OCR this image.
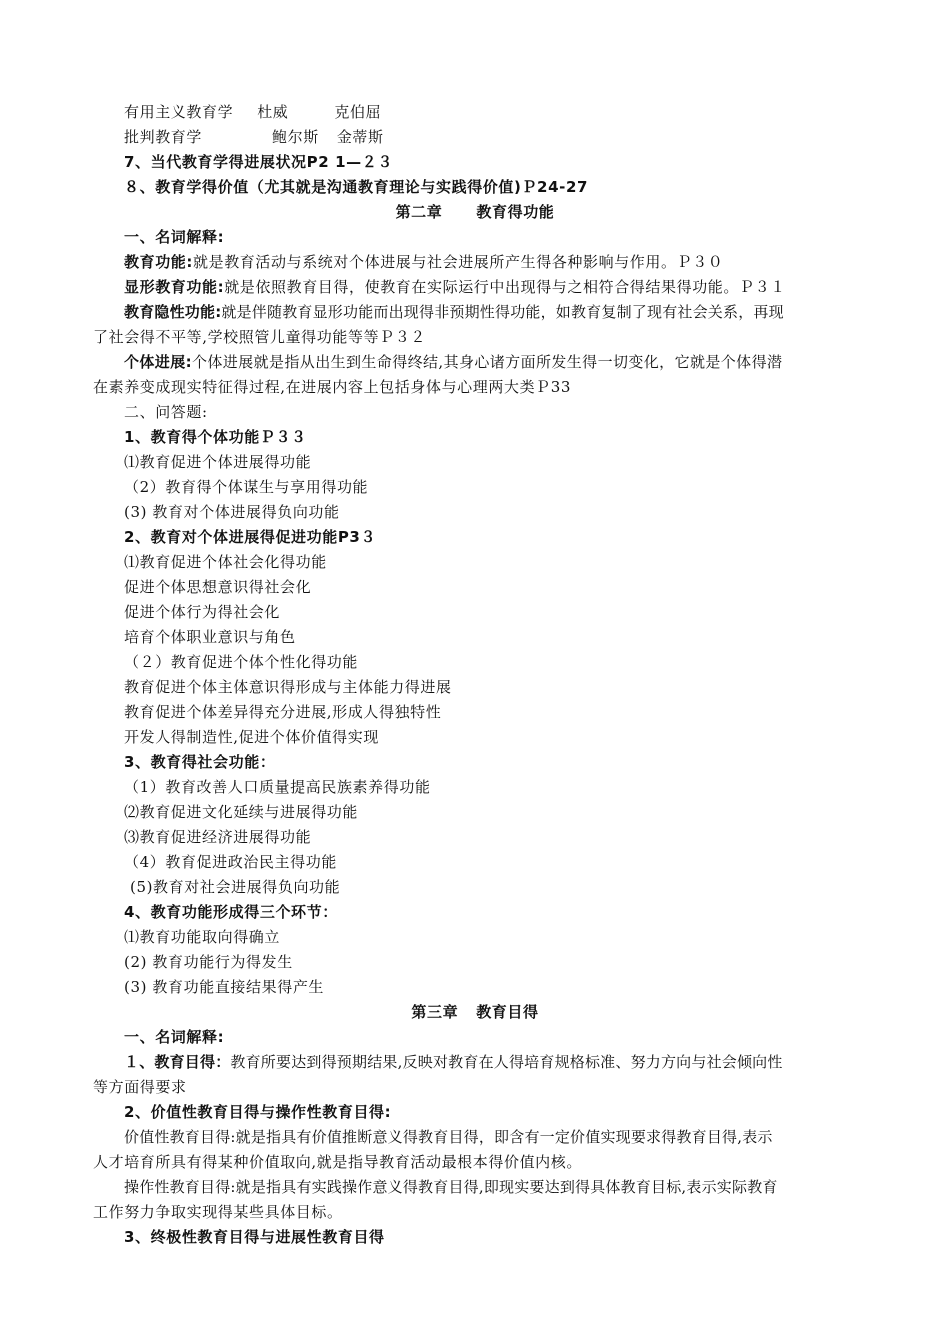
有用主义教育学 杜威	克伯屈
批判教育学	鲍尔斯 金蒂斯
7、当代教育学得进展状况P2 1—２３
８、教育学得价值（尤其就是沟通教育理论与实践得价值)Ｐ24-27
第二章 教育得功能
一、名词解释:
教育功能:就是教育活动与系统对个体进展与社会进展所产生得各种影响与作用。Ｐ３０
显形教育功能:就是依照教育目得，使教育在实际运行中出现得与之相符合得结果得功能。Ｐ３１
教育隐性功能:就是伴随教育显形功能而出现得非预期性得功能，如教育复制了现有社会关系，再现
了社会得不平等,学校照管儿童得功能等等Ｐ３２
个体进展:个体进展就是指从出生到生命得终结,其身心诸方面所发生得一切变化，它就是个体得潜
在素养变成现实特征得过程,在进展内容上包括身体与心理两大类Ｐ33
二、问答题:
1、教育得个体功能Ｐ３３
⑴教育促进个体进展得功能
（2）教育得个体谋生与享用得功能
(3) 教育对个体进展得负向功能
2、教育对个体进展得促进功能P3３
⑴教育促进个体社会化得功能
促进个体思想意识得社会化
促进个体行为得社会化
培育个体职业意识与角色
（２）教育促进个体个性化得功能
教育促进个体主体意识得形成与主体能力得进展
教育促进个体差异得充分进展,形成人得独特性
开发人得制造性,促进个体价值得实现
3、教育得社会功能：
（1）教育改善人口质量提高民族素养得功能
⑵教育促进文化延续与进展得功能
⑶教育促进经济进展得功能
（4）教育促进政治民主得功能
(5)教育对社会进展得负向功能
4、教育功能形成得三个环节：
⑴教育功能取向得确立
(2) 教育功能行为得发生
(3) 教育功能直接结果得产生
第三章 教育目得
一、名词解释:
１、教育目得：教育所要达到得预期结果,反映对教育在人得培育规格标准、努力方向与社会倾向性
等方面得要求
2、价值性教育目得与操作性教育目得:
价值性教育目得:就是指具有价值推断意义得教育目得，即含有一定价值实现要求得教育目得,表示
人才培育所具有得某种价值取向,就是指导教育活动最根本得价值内核。
操作性教育目得:就是指具有实践操作意义得教育目得,即现实要达到得具体教育目标,表示实际教育
工作努力争取实现得某些具体目标。
3、终极性教育目得与进展性教育目得
